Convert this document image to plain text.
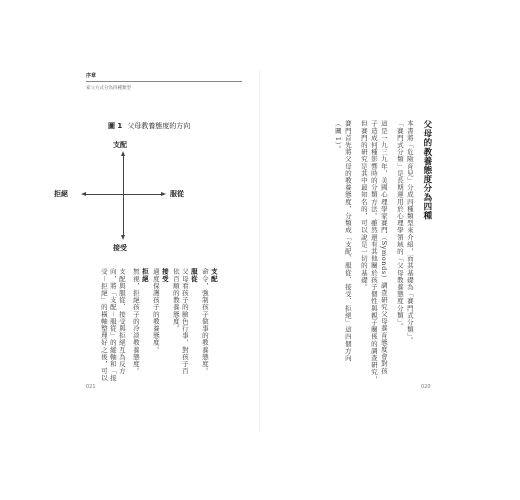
序章
家父方式分為四種類型
圖 1 父母教養態度的方向
支配
接受
拒絕	服從
支配
命令，強制孩子做事的教養態度。
服從
父母看孩子的臉色行事，對孩子百
依百順的教養態度。
接受
適度保護孩子的教養態度。
拒絕
無視，拒絕孩子的冷淡教養態度。
支配與服從、接受與拒絕互為反方
向，將「支配－服從」的縱軸和「接
受－拒絕」的橫軸整理好之後，可以
021
父母的教養態度分為四種
本書將「危險育兒」分成四種類型來介紹，而其基礎為「賽門式分類」。
「賽門式分類」是長期運用於心理學領域的「父母教養態度分類」。
這是一九三九年，美國心理學家賽門（Symonds）調查研究父母養育態度會對孩
子造成何種影響時的分類方法。雖然還有其他關於孩子個性與親子關係的調查研究，
但賽門的研究是其中最知名的，可以說是一切的基礎。
賽門首先將父母的教養態度，分類成「支配、服從、接受、拒絕」這四個方向
（圖 1）。
020
